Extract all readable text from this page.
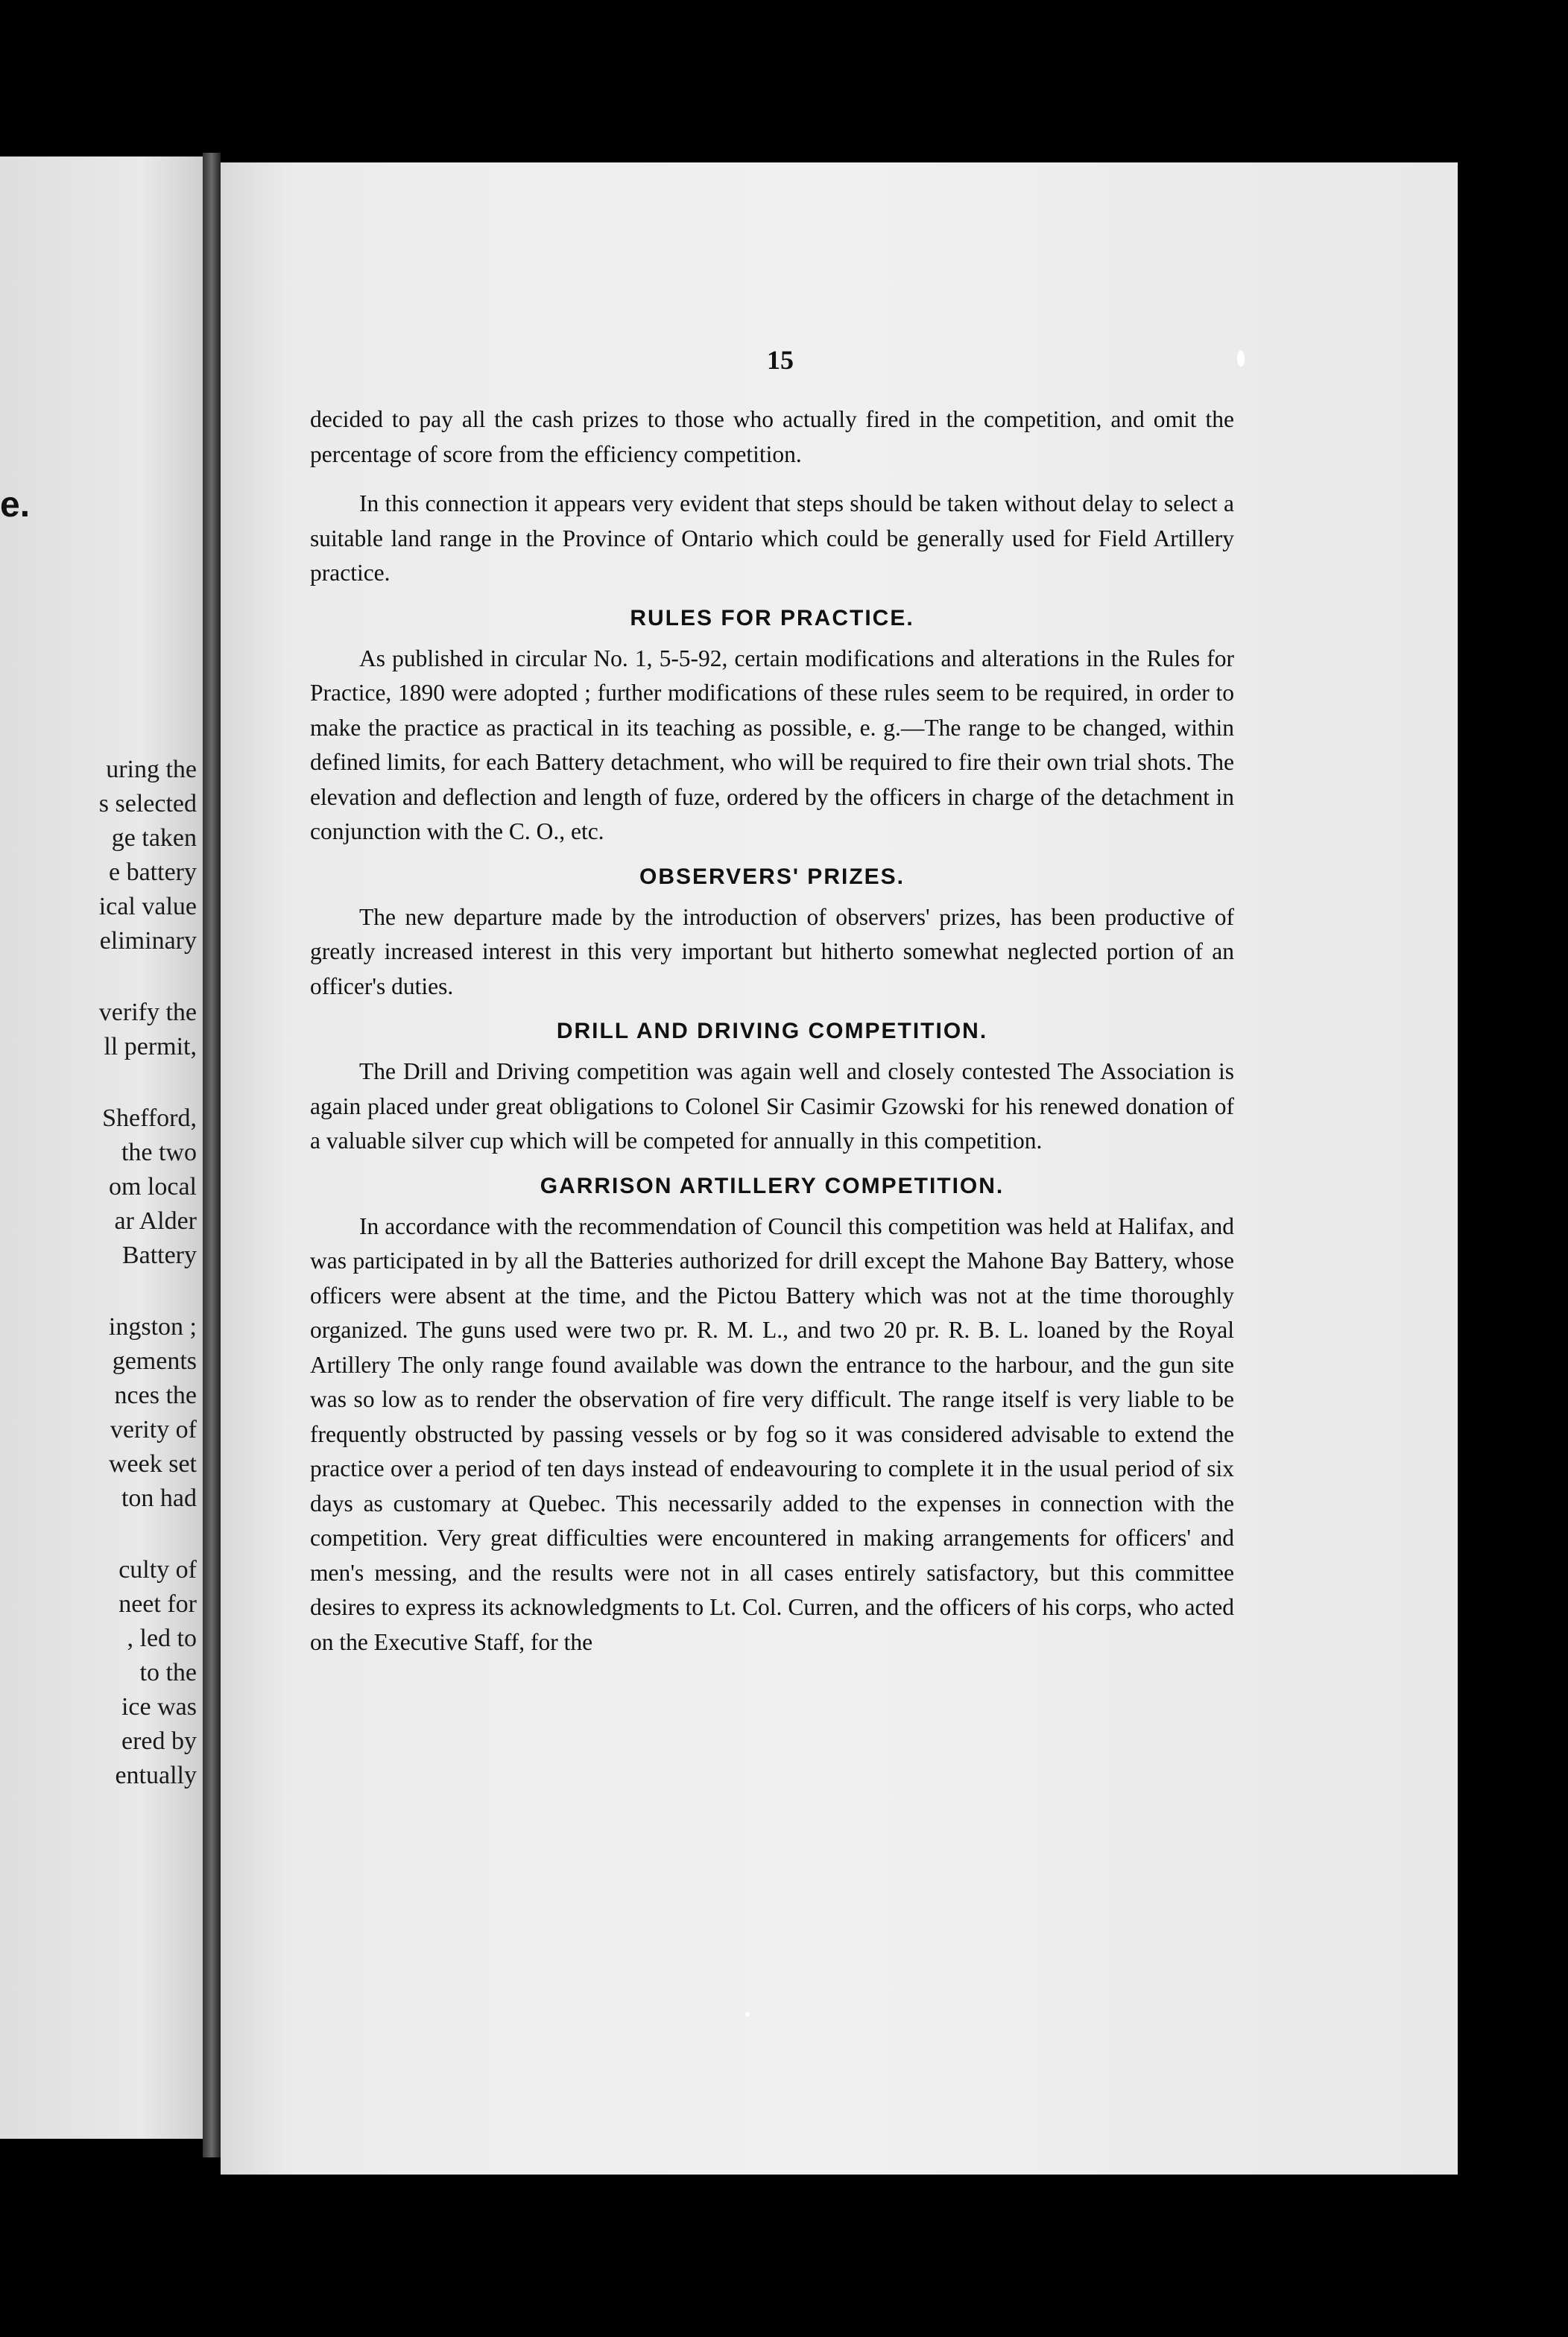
e.
uring the
s selected
ge taken
e battery
ical value
eliminary
verify the
ll permit,
Shefford,
the two
om local
ar Alder
Battery
ingston ;
gements
nces the
verity of
week set
ton had
culty of
neet for
, led to
to the
ice was
ered by
entually
15

decided to pay all the cash prizes to those who actually fired in the competition, and omit the percentage of score from the efficiency competition.

In this connection it appears very evident that steps should be taken without delay to select a suitable land range in the Province of Ontario which could be generally used for Field Artillery practice.

RULES FOR PRACTICE.

As published in circular No. 1, 5-5-92, certain modifications and alterations in the Rules for Practice, 1890 were adopted ; further modifications of these rules seem to be required, in order to make the practice as practical in its teaching as possible, e. g.—The range to be changed, within defined limits, for each Battery detachment, who will be required to fire their own trial shots. The elevation and deflection and length of fuze, ordered by the officers in charge of the detachment in conjunction with the C. O., etc.

OBSERVERS' PRIZES.

The new departure made by the introduction of observers' prizes, has been productive of greatly increased interest in this very important but hitherto somewhat neglected portion of an officer's duties.

DRILL AND DRIVING COMPETITION.

The Drill and Driving competition was again well and closely contested The Association is again placed under great obligations to Colonel Sir Casimir Gzowski for his renewed donation of a valuable silver cup which will be competed for annually in this competition.

GARRISON ARTILLERY COMPETITION.

In accordance with the recommendation of Council this competition was held at Halifax, and was participated in by all the Batteries authorized for drill except the Mahone Bay Battery, whose officers were absent at the time, and the Pictou Battery which was not at the time thoroughly organized. The guns used were two pr. R. M. L., and two 20 pr. R. B. L. loaned by the Royal Artillery The only range found available was down the entrance to the harbour, and the gun site was so low as to render the observation of fire very difficult. The range itself is very liable to be frequently obstructed by passing vessels or by fog so it was considered advisable to extend the practice over a period of ten days instead of endeavouring to complete it in the usual period of six days as customary at Quebec. This necessarily added to the expenses in connection with the competition. Very great difficulties were encountered in making arrangements for officers' and men's messing, and the results were not in all cases entirely satisfactory, but this committee desires to express its acknowledgments to Lt. Col. Curren, and the officers of his corps, who acted on the Executive Staff, for the
